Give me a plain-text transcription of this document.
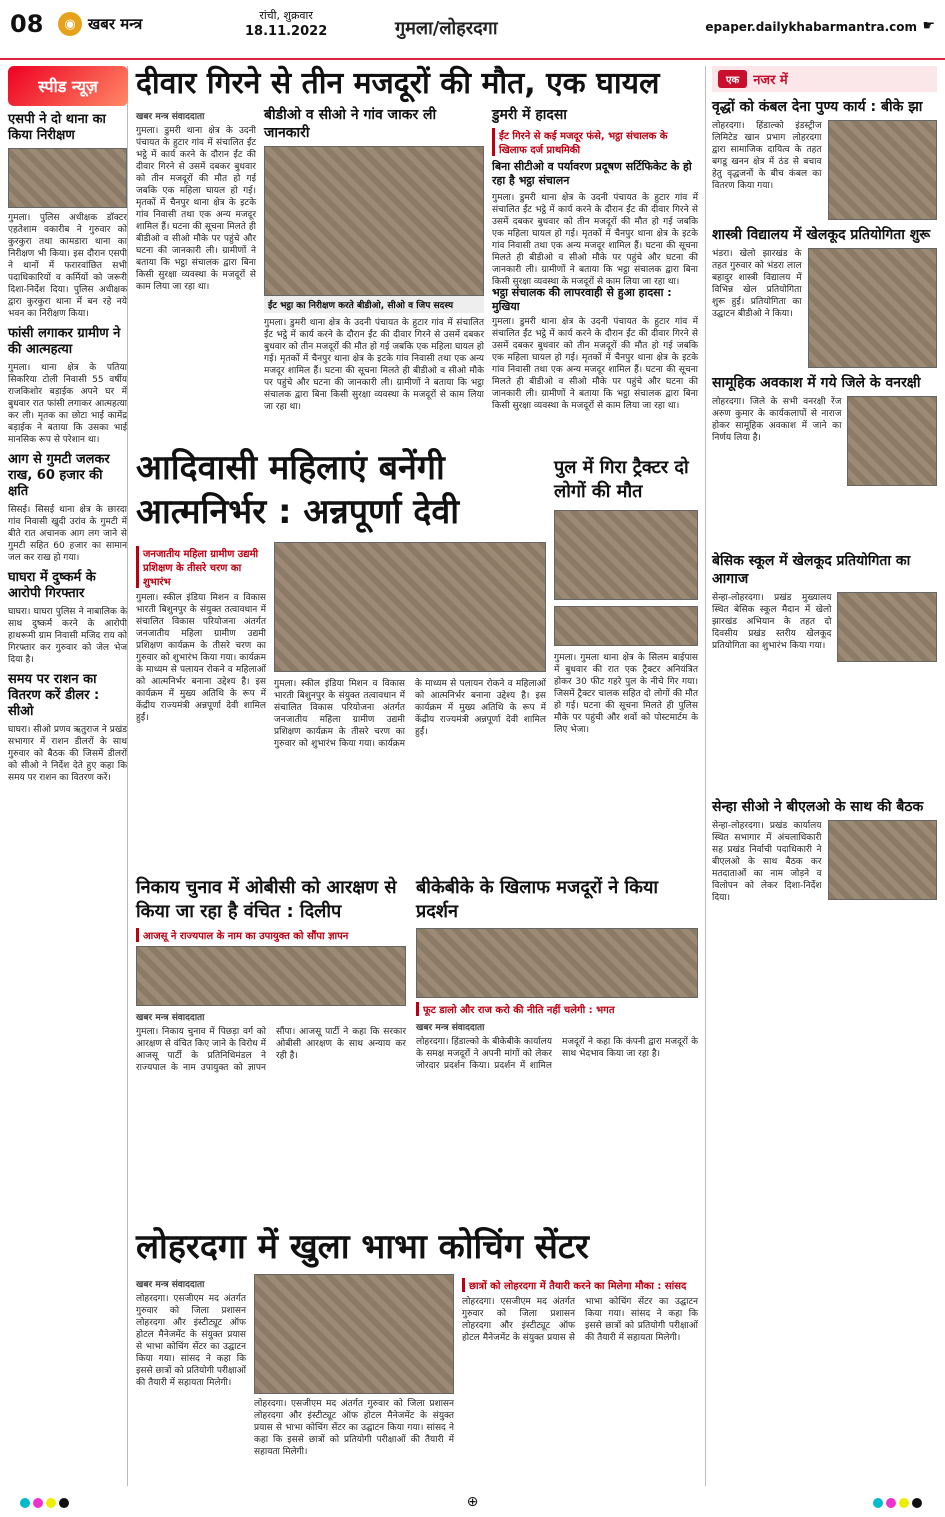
08	◉ खबर मन्त्र	रांची, शुक्रवार
18.11.2022	गुमला/लोहरदगा	epaper.dailykhabarmantra.com ☛
स्पीड न्यूज़
एसपी ने दो थाना का किया निरीक्षण
गुमला। पुलिस अधीक्षक डॉक्टर एहतेशाम वकारीब ने गुरुवार को कुरकुरा तथा कामडारा थाना का निरीक्षण भी किया। इस दौरान एसपी ने थानों में फरारवांछित सभी पदाधिकारियों व कर्मियों को जरूरी दिशा-निर्देश दिया। पुलिस अधीक्षक द्वारा कुरकुरा थाना में बन रहे नये भवन का निरीक्षण किया।
फांसी लगाकर ग्रामीण ने की आत्महत्या
गुमला। थाना क्षेत्र के पतिया सिकरिया टोली निवासी 55 वर्षीय राजकिशोर बड़ाईक अपने घर में बुधवार रात फांसी लगाकर आत्महत्या कर ली। मृतक का छोटा भाई कामेंद्र बड़ाईक ने बताया कि उसका भाई मानसिक रूप से परेशान था।
आग से गुमटी जलकर राख, 60 हजार की क्षति
सिसई। सिसई थाना क्षेत्र के छारदा गांव निवासी खुदी उरांव के गुमटी में बीते रात अचानक आग लग जाने से गुमटी सहित 60 हजार का सामान जल कर राख हो गया।
घाघरा में दुष्कर्म के आरोपी गिरफ्तार
घाघरा। घाघरा पुलिस ने नाबालिक के साथ दुष्कर्म करने के आरोपी हाथरूमी ग्राम निवासी मजिद राय को गिरफ्तार कर गुरुवार को जेल भेज दिया है।
समय पर राशन का वितरण करें डीलर : सीओ
घाघरा। सीओ प्रणव ऋतुराज ने प्रखंड सभागार में राशन डीलरों के साथ गुरुवार को बैठक की जिसमें डीलरों को सीओ ने निर्देश देते हुए कहा कि समय पर राशन का वितरण करें।
दीवार गिरने से तीन मजदूरों की मौत, एक घायल
खबर मन्त्र संवाददाता
गुमला। डुमरी थाना क्षेत्र के उदनी पंचायत के हुटार गांव में संचालित ईंट भट्ठे में कार्य करने के दौरान ईंट की दीवार गिरने से उसमें दबकर बुधवार को तीन मजदूरों की मौत हो गई जबकि एक महिला घायल हो गई। मृतकों में चैनपुर थाना क्षेत्र के इटके गांव निवासी तथा एक अन्य मजदूर शामिल हैं। घटना की सूचना मिलते ही बीडीओ व सीओ मौके पर पहुंचे और घटना की जानकारी ली। ग्रामीणों ने बताया कि भट्ठा संचालक द्वारा बिना किसी सुरक्षा व्यवस्था के मजदूरों से काम लिया जा रहा था।
बीडीओ व सीओ ने गांव जाकर ली जानकारी
ईंट भट्ठा का निरीक्षण करते बीडीओ, सीओ व जिप सदस्य
गुमला। डुमरी थाना क्षेत्र के उदनी पंचायत के हुटार गांव में संचालित ईंट भट्ठे में कार्य करने के दौरान ईंट की दीवार गिरने से उसमें दबकर बुधवार को तीन मजदूरों की मौत हो गई जबकि एक महिला घायल हो गई। मृतकों में चैनपुर थाना क्षेत्र के इटके गांव निवासी तथा एक अन्य मजदूर शामिल हैं। घटना की सूचना मिलते ही बीडीओ व सीओ मौके पर पहुंचे और घटना की जानकारी ली। ग्रामीणों ने बताया कि भट्ठा संचालक द्वारा बिना किसी सुरक्षा व्यवस्था के मजदूरों से काम लिया जा रहा था।
डुमरी में हादसा
ईंट गिरने से कई मजदूर फंसे, भट्ठा संचालक के खिलाफ दर्ज प्राथमिकी
बिना सीटीओ व पर्यावरण प्रदूषण सर्टिफिकेट के हो रहा है भट्ठा संचालन
गुमला। डुमरी थाना क्षेत्र के उदनी पंचायत के हुटार गांव में संचालित ईंट भट्ठे में कार्य करने के दौरान ईंट की दीवार गिरने से उसमें दबकर बुधवार को तीन मजदूरों की मौत हो गई जबकि एक महिला घायल हो गई। मृतकों में चैनपुर थाना क्षेत्र के इटके गांव निवासी तथा एक अन्य मजदूर शामिल हैं। घटना की सूचना मिलते ही बीडीओ व सीओ मौके पर पहुंचे और घटना की जानकारी ली। ग्रामीणों ने बताया कि भट्ठा संचालक द्वारा बिना किसी सुरक्षा व्यवस्था के मजदूरों से काम लिया जा रहा था।
भट्ठा संचालक की लापरवाही से हुआ हादसा : मुखिया
गुमला। डुमरी थाना क्षेत्र के उदनी पंचायत के हुटार गांव में संचालित ईंट भट्ठे में कार्य करने के दौरान ईंट की दीवार गिरने से उसमें दबकर बुधवार को तीन मजदूरों की मौत हो गई जबकि एक महिला घायल हो गई। मृतकों में चैनपुर थाना क्षेत्र के इटके गांव निवासी तथा एक अन्य मजदूर शामिल हैं। घटना की सूचना मिलते ही बीडीओ व सीओ मौके पर पहुंचे और घटना की जानकारी ली। ग्रामीणों ने बताया कि भट्ठा संचालक द्वारा बिना किसी सुरक्षा व्यवस्था के मजदूरों से काम लिया जा रहा था।
आदिवासी महिलाएं बनेंगी
आत्मनिर्भर : अन्नपूर्णा देवी
जनजातीय महिला ग्रामीण उद्यमी प्रशिक्षण के तीसरे चरण का शुभारंभ
गुमला। स्कील इंडिया मिशन व विकास भारती बिशुनपुर के संयुक्त तत्वावधान में संचालित विकास परियोजना अंतर्गत जनजातीय महिला ग्रामीण उद्यमी प्रशिक्षण कार्यक्रम के तीसरे चरण का गुरुवार को शुभारंभ किया गया। कार्यक्रम के माध्यम से पलायन रोकने व महिलाओं को आत्मनिर्भर बनाना उद्देश्य है। इस कार्यक्रम में मुख्य अतिथि के रूप में केंद्रीय राज्यमंत्री अन्नपूर्णा देवी शामिल हुईं।
गुमला। स्कील इंडिया मिशन व विकास भारती बिशुनपुर के संयुक्त तत्वावधान में संचालित विकास परियोजना अंतर्गत जनजातीय महिला ग्रामीण उद्यमी प्रशिक्षण कार्यक्रम के तीसरे चरण का गुरुवार को शुभारंभ किया गया। कार्यक्रम के माध्यम से पलायन रोकने व महिलाओं को आत्मनिर्भर बनाना उद्देश्य है। इस कार्यक्रम में मुख्य अतिथि के रूप में केंद्रीय राज्यमंत्री अन्नपूर्णा देवी शामिल हुईं।
पुल में गिरा ट्रैक्टर दो लोगों की मौत
गुमला। गुमला थाना क्षेत्र के सिलम बाईपास में बुधवार की रात एक ट्रैक्टर अनियंत्रित होकर 30 फीट गहरे पुल के नीचे गिर गया। जिसमें ट्रैक्टर चालक सहित दो लोगों की मौत हो गई। घटना की सूचना मिलते ही पुलिस मौके पर पहुंची और शवों को पोस्टमार्टम के लिए भेजा।
निकाय चुनाव में ओबीसी को आरक्षण से किया जा रहा है वंचित : दिलीप
आजसू ने राज्यपाल के नाम का उपायुक्त को सौंपा ज्ञापन
खबर मन्त्र संवाददाता
गुमला। निकाय चुनाव में पिछड़ा वर्ग को आरक्षण से वंचित किए जाने के विरोध में आजसू पार्टी के प्रतिनिधिमंडल ने राज्यपाल के नाम उपायुक्त को ज्ञापन सौंपा। आजसू पार्टी ने कहा कि सरकार ओबीसी आरक्षण के साथ अन्याय कर रही है।
बीकेबीके के खिलाफ मजदूरों ने किया प्रदर्शन
फूट डालो और राज करो की नीति नहीं चलेगी : भगत
खबर मन्त्र संवाददाता
लोहरदगा। हिंडाल्को के बीकेबीके कार्यालय के समक्ष मजदूरों ने अपनी मांगों को लेकर जोरदार प्रदर्शन किया। प्रदर्शन में शामिल मजदूरों ने कहा कि कंपनी द्वारा मजदूरों के साथ भेदभाव किया जा रहा है।
लोहरदगा में खुला भाभा कोचिंग सेंटर
खबर मन्त्र संवाददाता
लोहरदगा। एसजीएम मद अंतर्गत गुरुवार को जिला प्रशासन लोहरदगा और इंस्टीट्यूट ऑफ होटल मैनेजमेंट के संयुक्त प्रयास से भाभा कोचिंग सेंटर का उद्घाटन किया गया। सांसद ने कहा कि इससे छात्रों को प्रतियोगी परीक्षाओं की तैयारी में सहायता मिलेगी।
लोहरदगा। एसजीएम मद अंतर्गत गुरुवार को जिला प्रशासन लोहरदगा और इंस्टीट्यूट ऑफ होटल मैनेजमेंट के संयुक्त प्रयास से भाभा कोचिंग सेंटर का उद्घाटन किया गया। सांसद ने कहा कि इससे छात्रों को प्रतियोगी परीक्षाओं की तैयारी में सहायता मिलेगी।
छात्रों को लोहरदगा में तैयारी करने का मिलेगा मौका : सांसद
लोहरदगा। एसजीएम मद अंतर्गत गुरुवार को जिला प्रशासन लोहरदगा और इंस्टीट्यूट ऑफ होटल मैनेजमेंट के संयुक्त प्रयास से भाभा कोचिंग सेंटर का उद्घाटन किया गया। सांसद ने कहा कि इससे छात्रों को प्रतियोगी परीक्षाओं की तैयारी में सहायता मिलेगी।
एक	नजर में
वृद्धों को कंबल देना पुण्य कार्य : बीके झा
लोहरदगा। हिंडाल्को इंडस्ट्रीज लिमिटेड खान प्रभाग लोहरदगा द्वारा सामाजिक दायित्व के तहत बगडू खनन क्षेत्र में ठंड से बचाव हेतु वृद्धजनों के बीच कंबल का वितरण किया गया।
शास्त्री विद्यालय में खेलकूद प्रतियोगिता शुरू
भंडरा। खेलो झारखंड के तहत गुरुवार को भंडरा लाल बहादुर शास्त्री विद्यालय में विभिन्न खेल प्रतियोगिता शुरू हुई। प्रतियोगिता का उद्घाटन बीडीओ ने किया।
सामूहिक अवकाश में गये जिले के वनरक्षी
लोहरदगा। जिले के सभी वनरक्षी रेंज अरुण कुमार के कार्यकलापों से नाराज होकर सामूहिक अवकाश में जाने का निर्णय लिया है।
बेसिक स्कूल में खेलकूद प्रतियोगिता का आगाज
सेन्हा-लोहरदगा। प्रखंड मुख्यालय स्थित बेसिक स्कूल मैदान में खेलो झारखंड अभियान के तहत दो दिवसीय प्रखंड स्तरीय खेलकूद प्रतियोगिता का शुभारंभ किया गया।
सेन्हा सीओ ने बीएलओ के साथ की बैठक
सेन्हा-लोहरदगा। प्रखंड कार्यालय स्थित सभागार में अंचलाधिकारी सह प्रखंड निर्वाची पदाधिकारी ने बीएलओ के साथ बैठक कर मतदाताओं का नाम जोड़ने व विलोपन को लेकर दिशा-निर्देश दिया।
⊕
